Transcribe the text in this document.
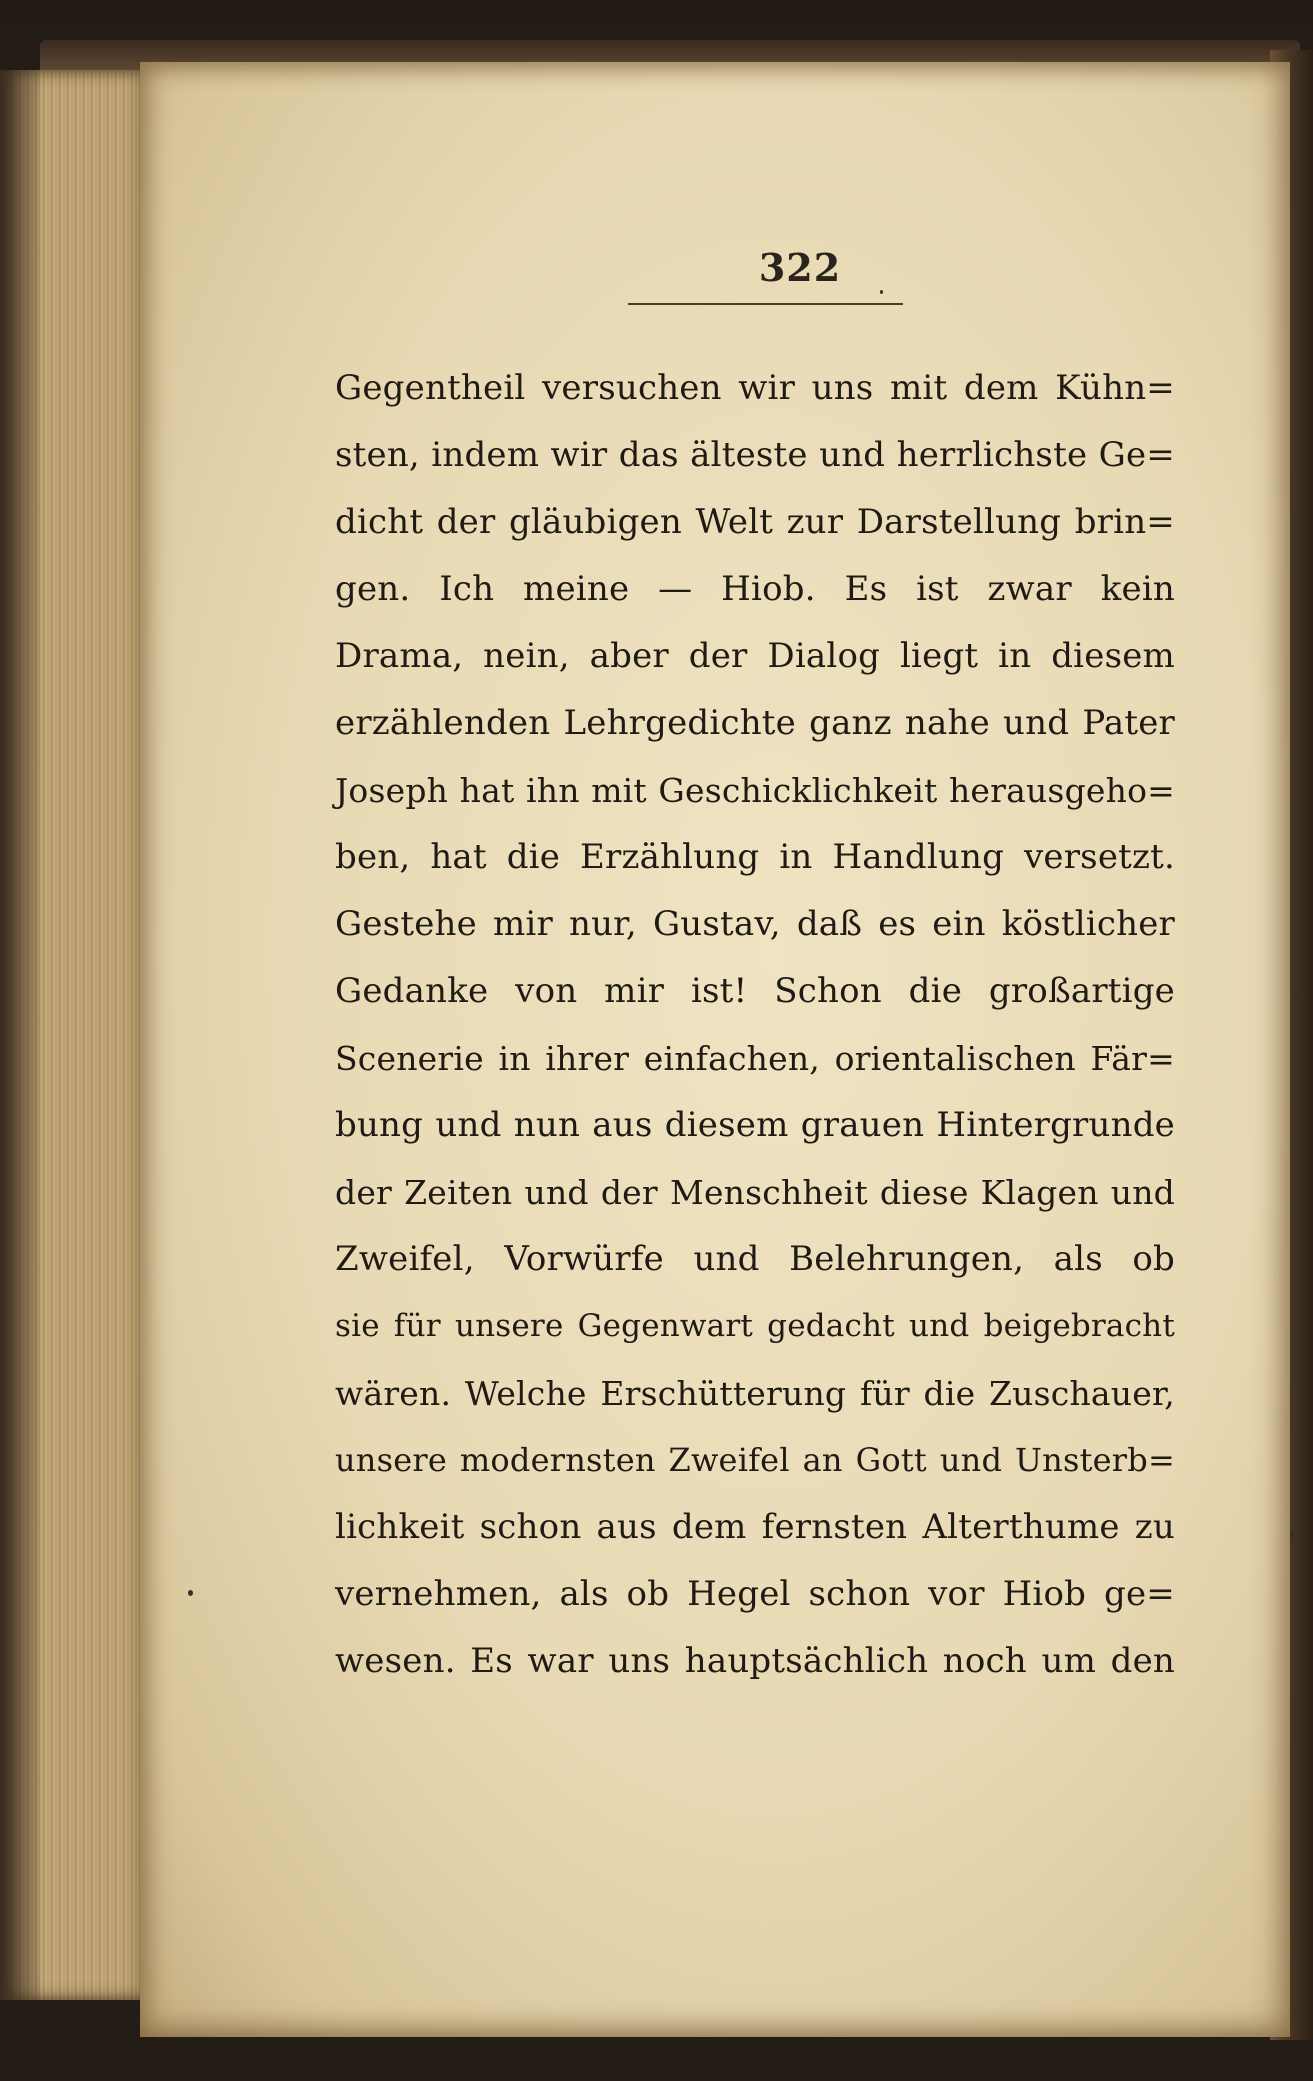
322
Gegentheil versuchen wir uns mit dem Kühn=
sten, indem wir das älteste und herrlichste Ge=
dicht der gläubigen Welt zur Darstellung brin=
gen. Ich meine — Hiob. Es ist zwar kein
Drama, nein, aber der Dialog liegt in diesem
erzählenden Lehrgedichte ganz nahe und Pater
Joseph hat ihn mit Geschicklichkeit herausgeho=
ben, hat die Erzählung in Handlung versetzt.
Gestehe mir nur, Gustav, daß es ein köstlicher
Gedanke von mir ist! Schon die großartige
Scenerie in ihrer einfachen, orientalischen Fär=
bung und nun aus diesem grauen Hintergrunde
der Zeiten und der Menschheit diese Klagen und
Zweifel, Vorwürfe und Belehrungen, als ob
sie für unsere Gegenwart gedacht und beigebracht
wären. Welche Erschütterung für die Zuschauer,
unsere modernsten Zweifel an Gott und Unsterb=
lichkeit schon aus dem fernsten Alterthume zu
vernehmen, als ob Hegel schon vor Hiob ge=
wesen. Es war uns hauptsächlich noch um den
